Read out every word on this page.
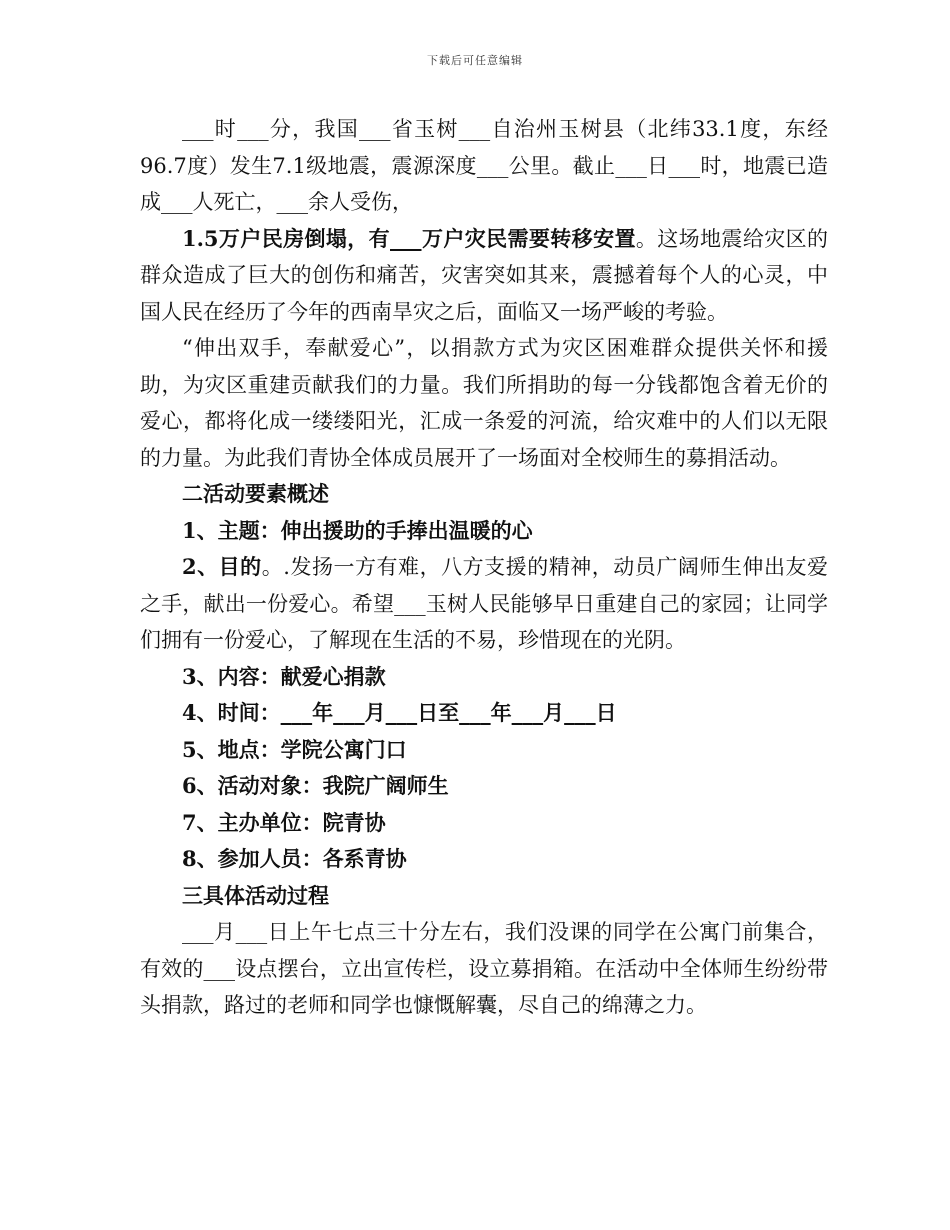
下载后可任意编辑

___时___分，我国___省玉树___自治州玉树县（北纬33.1度，东经96.7度）发生7.1级地震，震源深度___公里。截止___日___时，地震已造成___人死亡，___余人受伤，

1.5万户民房倒塌，有___万户灾民需要转移安置。这场地震给灾区的群众造成了巨大的创伤和痛苦，灾害突如其来，震撼着每个人的心灵，中国人民在经历了今年的西南旱灾之后，面临又一场严峻的考验。

“伸出双手，奉献爱心”，以捐款方式为灾区困难群众提供关怀和援助，为灾区重建贡献我们的力量。我们所捐助的每一分钱都饱含着无价的爱心，都将化成一缕缕阳光，汇成一条爱的河流，给灾难中的人们以无限的力量。为此我们青协全体成员展开了一场面对全校师生的募捐活动。

二活动要素概述

1、主题：伸出援助的手捧出温暖的心

2、目的。.发扬一方有难，八方支援的精神，动员广阔师生伸出友爱之手，献出一份爱心。希望___玉树人民能够早日重建自己的家园；让同学们拥有一份爱心，了解现在生活的不易，珍惜现在的光阴。

3、内容：献爱心捐款

4、时间：___年___月___日至___年___月___日

5、地点：学院公寓门口

6、活动对象：我院广阔师生

7、主办单位：院青协

8、参加人员：各系青协

三具体活动过程

___月___日上午七点三十分左右，我们没课的同学在公寓门前集合，有效的___设点摆台，立出宣传栏，设立募捐箱。在活动中全体师生纷纷带头捐款，路过的老师和同学也慷慨解囊，尽自己的绵薄之力。
